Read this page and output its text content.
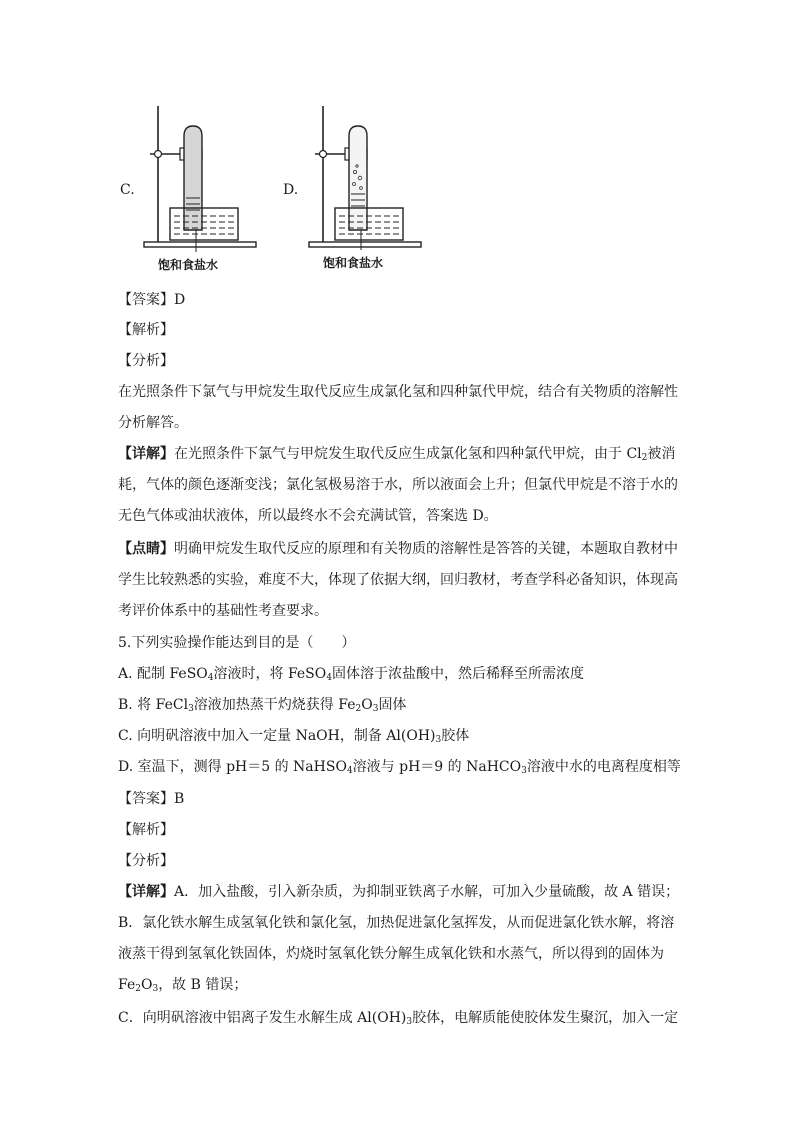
C.
饱和食盐水
D.
饱和食盐水
【答案】D
【解析】
【分析】
在光照条件下氯气与甲烷发生取代反应生成氯化氢和四种氯代甲烷，结合有关物质的溶解性
分析解答。
【详解】在光照条件下氯气与甲烷发生取代反应生成氯化氢和四种氯代甲烷，由于 $Cl_2$被消
耗，气体的颜色逐渐变浅；氯化氢极易溶于水，所以液面会上升；但氯代甲烷是不溶于水的
无色气体或油状液体，所以最终水不会充满试管，答案选 D。
【点睛】明确甲烷发生取代反应的原理和有关物质的溶解性是答答的关键，本题取自教材中
学生比较熟悉的实验，难度不大，体现了依据大纲，回归教材，考查学科必备知识，体现高
考评价体系中的基础性考查要求。
5.下列实验操作能达到目的是（　　）
A. 配制 FeSO$_4$溶液时，将 FeSO$_4$固体溶于浓盐酸中，然后稀释至所需浓度
B. 将 FeCl$_3$溶液加热蒸干灼烧获得 $Fe_2O_3$固体
C. 向明矾溶液中加入一定量 NaOH，制备 $Al(OH)_3$胶体
D. 室温下，测得 pH＝5 的 NaHSO$_4$溶液与 pH＝9 的 NaHCO$_3$溶液中水的电离程度相等
【答案】B
【解析】
【分析】
【详解】A．加入盐酸，引入新杂质，为抑制亚铁离子水解，可加入少量硫酸，故 A 错误；
B．氯化铁水解生成氢氧化铁和氯化氢，加热促进氯化氢挥发，从而促进氯化铁水解，将溶
液蒸干得到氢氧化铁固体，灼烧时氢氧化铁分解生成氧化铁和水蒸气，所以得到的固体为
$Fe_2O_3$，故 B 错误；
C．向明矾溶液中铝离子发生水解生成 $Al(OH)_3$胶体，电解质能使胶体发生聚沉，加入一定
